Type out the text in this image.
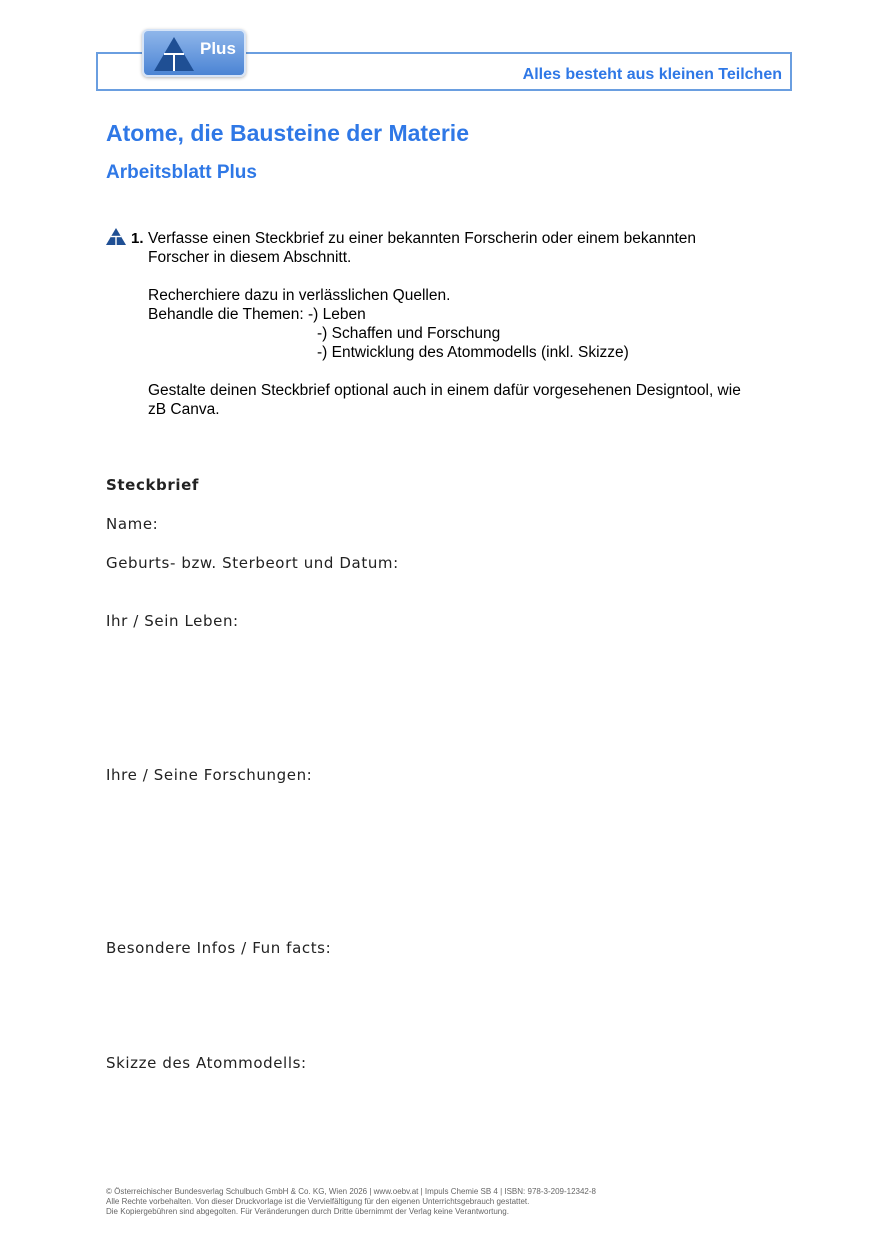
Alles besteht aus kleinen Teilchen
Plus
Atome, die Bausteine der Materie
Arbeitsblatt Plus
1. Verfasse einen Steckbrief zu einer bekannten Forscherin oder einem bekannten
Forscher in diesem Abschnitt.
Recherchiere dazu in verlässlichen Quellen.
Behandle die Themen: -) Leben
-) Schaffen und Forschung
-) Entwicklung des Atommodells (inkl. Skizze)
Gestalte deinen Steckbrief optional auch in einem dafür vorgesehenen Designtool, wie
zB Canva.
Steckbrief
Name:
Geburts- bzw. Sterbeort und Datum:
Ihr / Sein Leben:
Ihre / Seine Forschungen:
Besondere Infos / Fun facts:
Skizze des Atommodells:
© Österreichischer Bundesverlag Schulbuch GmbH & Co. KG, Wien 2026 | www.oebv.at | Impuls Chemie SB 4 | ISBN: 978-3-209-12342-8
Alle Rechte vorbehalten. Von dieser Druckvorlage ist die Vervielfältigung für den eigenen Unterrichtsgebrauch gestattet.
Die Kopiergebühren sind abgegolten. Für Veränderungen durch Dritte übernimmt der Verlag keine Verantwortung.
